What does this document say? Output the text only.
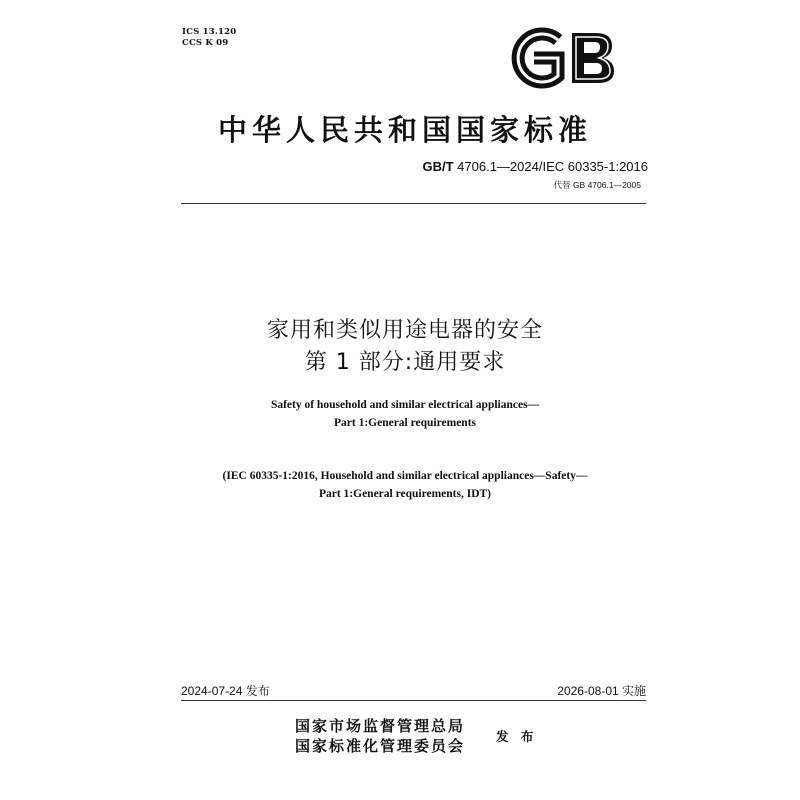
ICS 13.120
CCS K 09
中华人民共和国国家标准
GB/T 4706.1—2024/IEC 60335-1:2016
代替 GB 4706.1—2005
家用和类似用途电器的安全
第 1 部分:通用要求
Safety of household and similar electrical appliances—
Part 1:General requirements
(IEC 60335-1:2016, Household and similar electrical appliances—Safety—
Part 1:General requirements, IDT)
2024-07-24 发布	2026-08-01 实施
国家市场监督管理总局
国家标准化管理委员会
发 布
